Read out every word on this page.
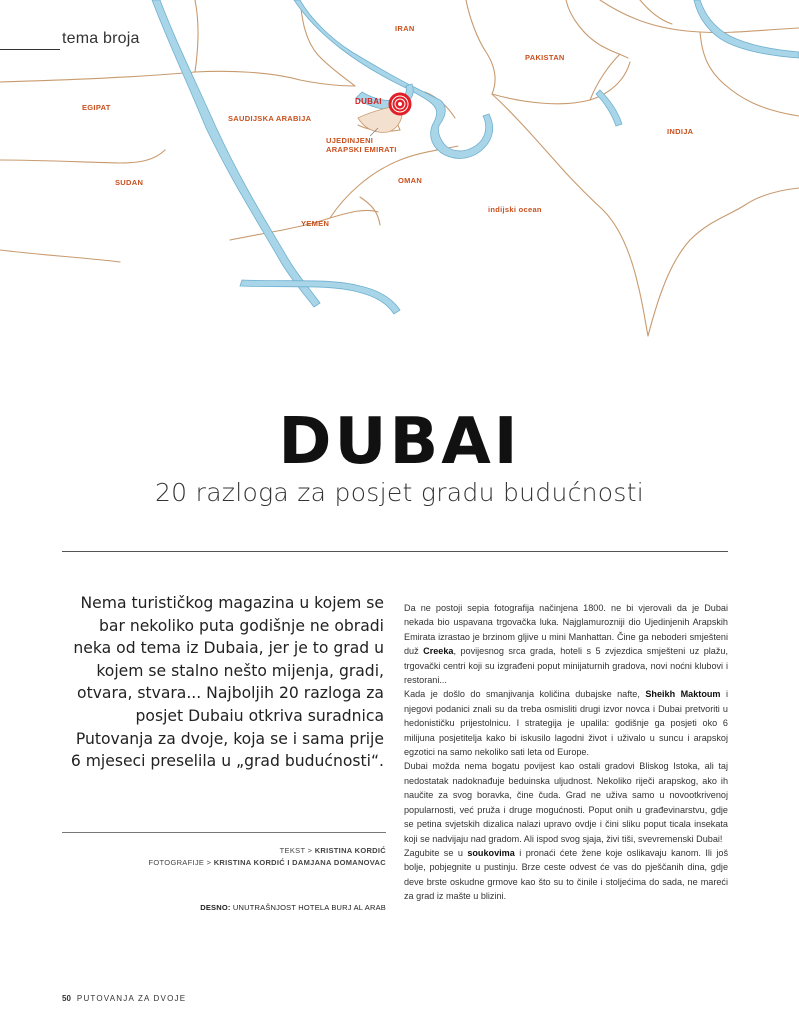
tema broja
IRAN
EGIPAT
SAUDIJSKA ARABIJA
PAKISTAN
INDIJA
DUBAI
UJEDINJENI
ARAPSKI EMIRATI
SUDAN	OMAN
YEMEN
indijski ocean
DUBAI
20 razloga za posjet gradu budućnosti

Nema turističkog magazina u kojem se bar nekoliko puta godišnje ne obradi neka od tema iz Dubaia, jer je to grad u kojem se stalno nešto mijenja, gradi, otvara, stvara... Najboljih 20 razloga za posjet Dubaiu otkriva suradnica Putovanja za dvoje, koja se i sama prije 6 mjeseci preselila u „grad budućnosti“.

TEKST > KRISTINA KORDIĆ
FOTOGRAFIJE > KRISTINA KORDIĆ I DAMJANA DOMANOVAC
DESNO: UNUTRAŠNJOST HOTELA BURJ AL ARAB

Da ne postoji sepia fotografija načinjena 1800. ne bi vjerovali da je Dubai nekada bio uspavana trgovačka luka. Najglamurozniji dio Ujedinjenih Arapskih Emirata izrastao je brzinom gljive u mini Manhattan. Čine ga neboderi smješteni duž Creeka, povijesnog srca grada, hoteli s 5 zvjezdica smješteni uz plažu, trgovački centri koji su izgrađeni poput minijaturnih gradova, novi noćni klubovi i restorani...

Kada je došlo do smanjivanja količina dubajske nafte, Sheikh Maktoum i njegovi podanici znali su da treba osmisliti drugi izvor novca i Dubai pretvoriti u hedonističku prijestolnicu. I strategija je upalila: godišnje ga posjeti oko 6 milijuna posjetitelja kako bi iskusilo lagodni život i uživalo u suncu i arapskoj egzotici na samo nekoliko sati leta od Europe.

Dubai možda nema bogatu povijest kao ostali gradovi Bliskog Istoka, ali taj nedostatak nadoknađuje beduinska uljudnost. Nekoliko riječi arapskog, ako ih naučite za svog boravka, čine čuda. Grad ne uživa samo u novootkrivenoj popularnosti, već pruža i druge mogućnosti. Poput onih u građevinarstvu, gdje se petina svjetskih dizalica nalazi upravo ovdje i čini sliku poput ticala insekata koji se nadvijaju nad gradom. Ali ispod svog sjaja, živi tiši, svevremenski Dubai!

Zagubite se u soukovima i pronaći ćete žene koje oslikavaju kanom. Ili još bolje, pobjegnite u pustinju. Brze ceste odvest će vas do pješčanih dina, gdje deve brste oskudne grmove kao što su to činile i stoljećima do sada, ne mareći za grad iz mašte u blizini.

50 PUTOVANJA ZA DVOJE
